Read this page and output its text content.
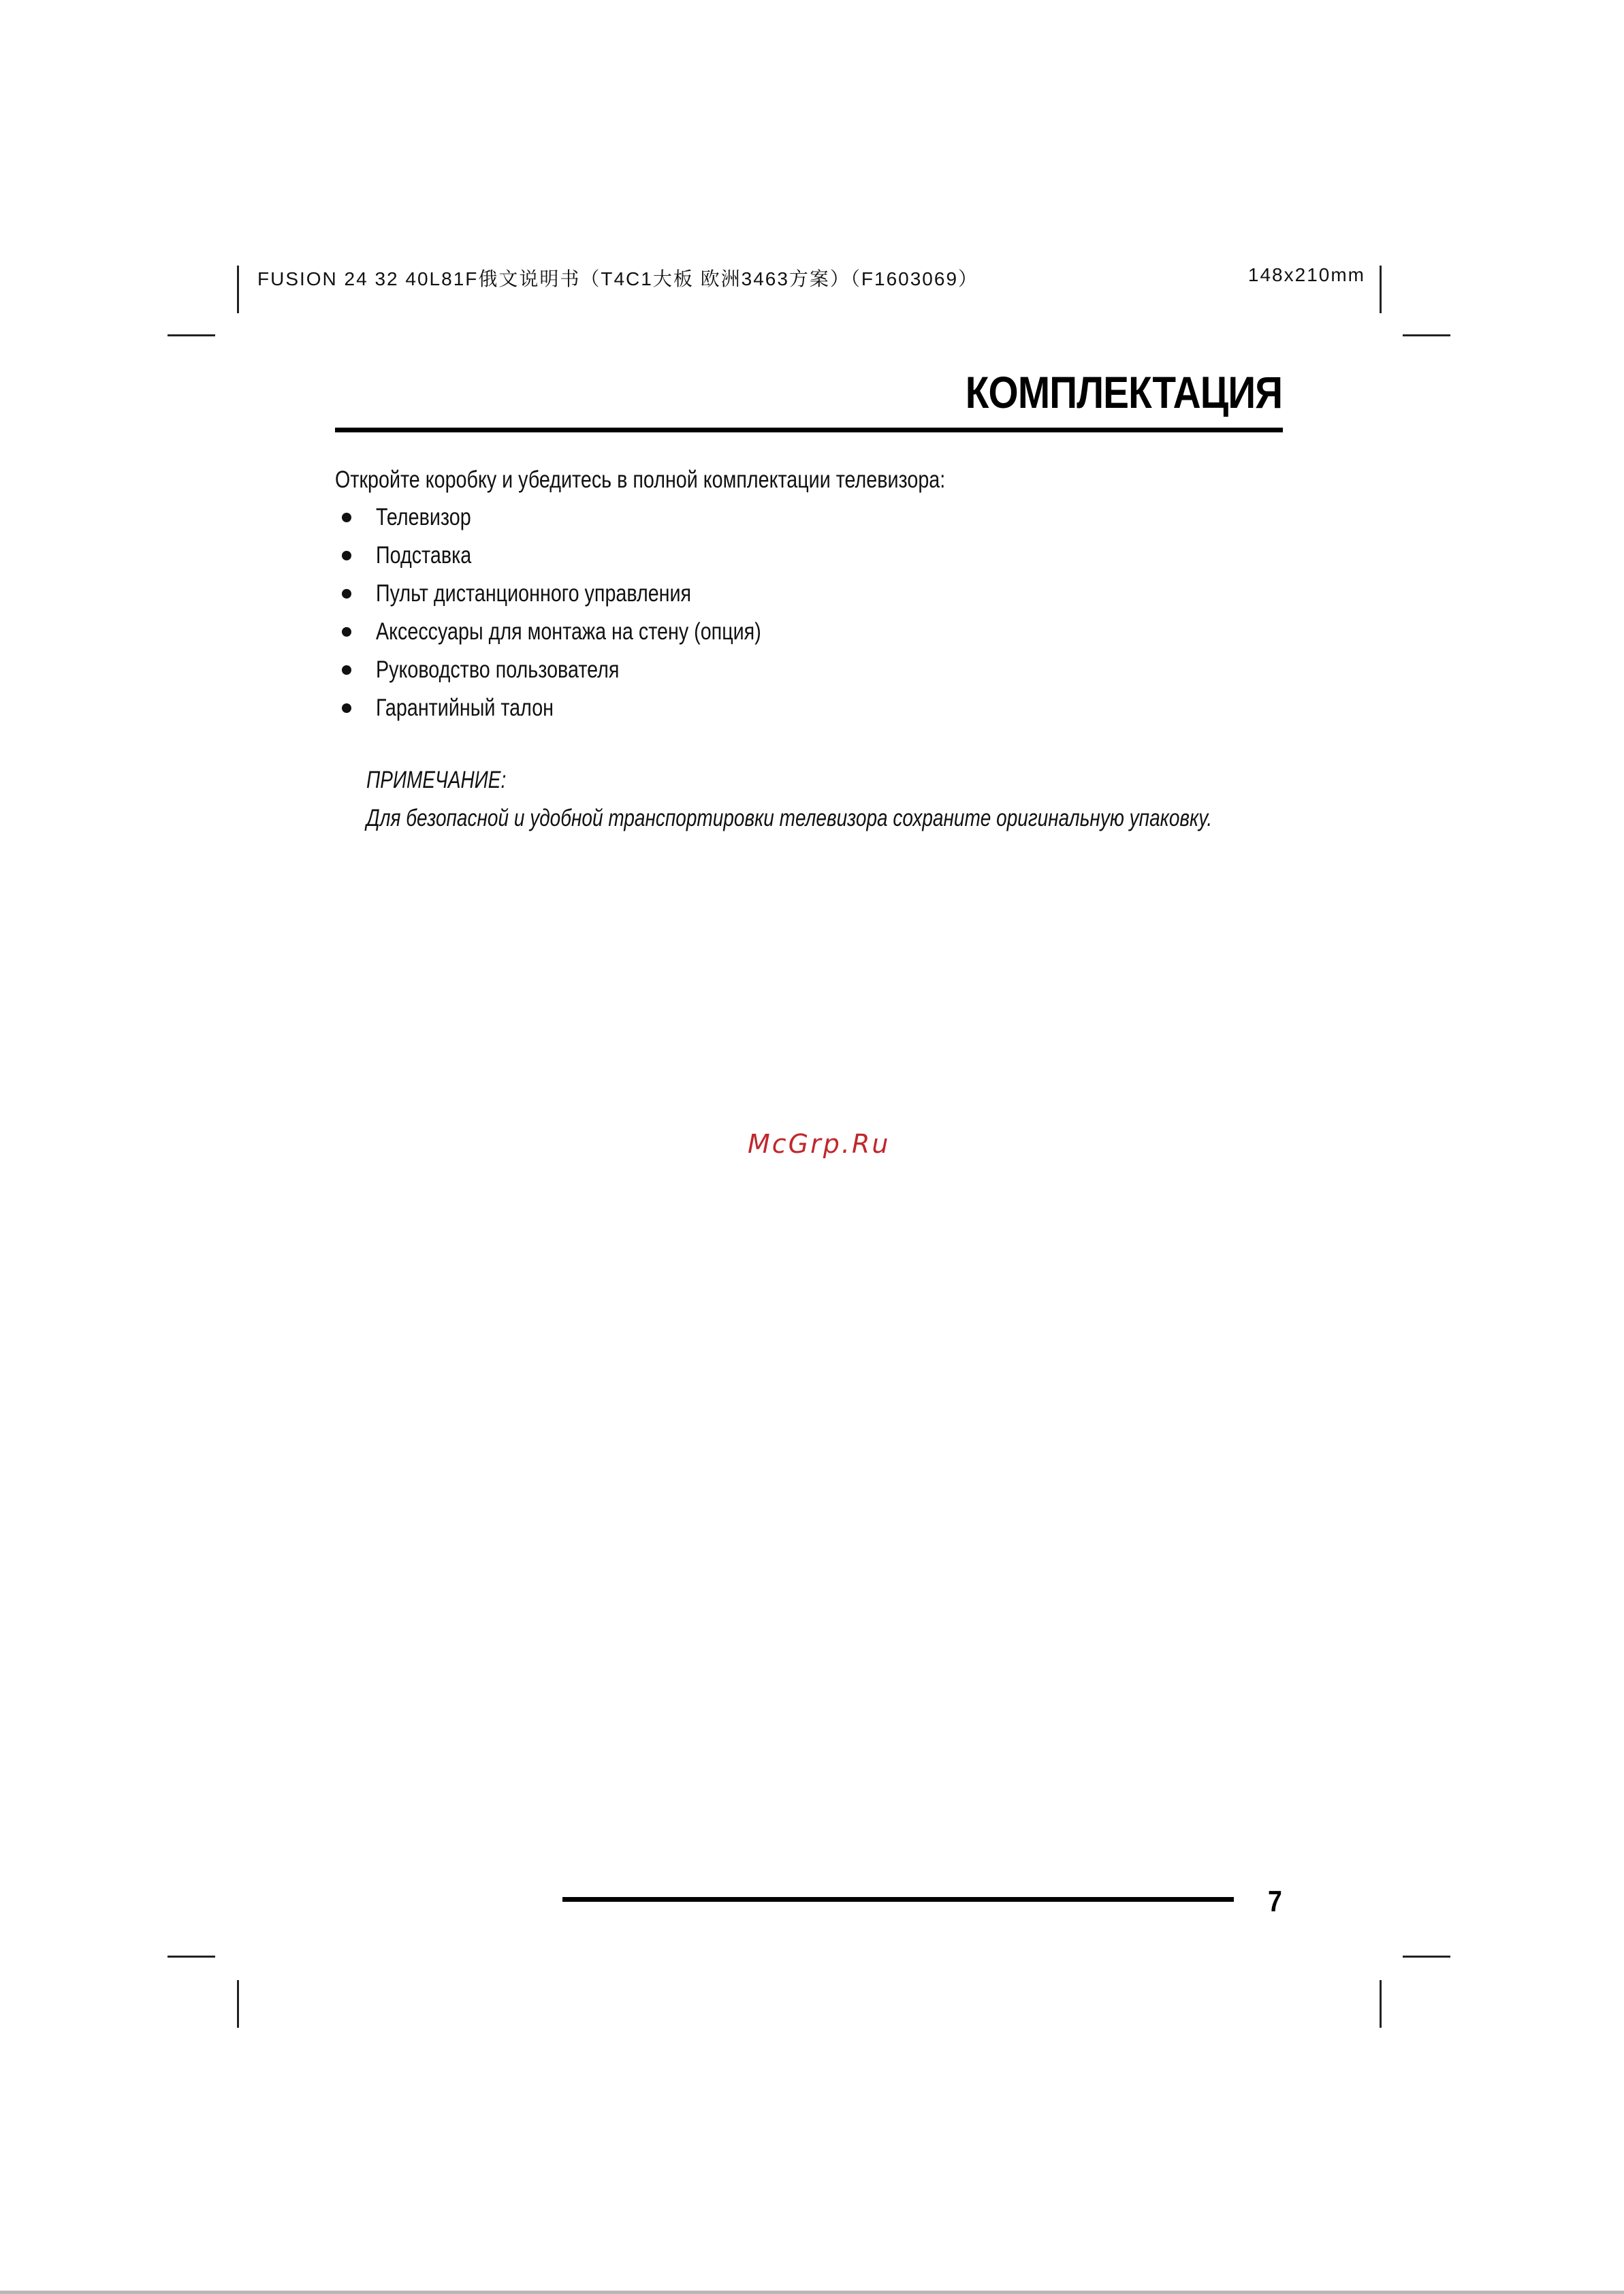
FUSION 24 32 40L81F俄文说明书（T4C1大板 欧洲3463方案）（F1603069）	148x210mm
КОМПЛЕКТАЦИЯ

Откройте коробку и убедитесь в полной комплектации телевизора:

Телевизор
Подставка
Пульт дистанционного управления
Аксессуары для монтажа на стену (опция)
Руководство пользователя
Гарантийный талон
ПРИМЕЧАНИЕ:
Для безопасной и удобной транспортировки телевизора сохраните оригинальную упаковку.
McGrp.Ru
7
